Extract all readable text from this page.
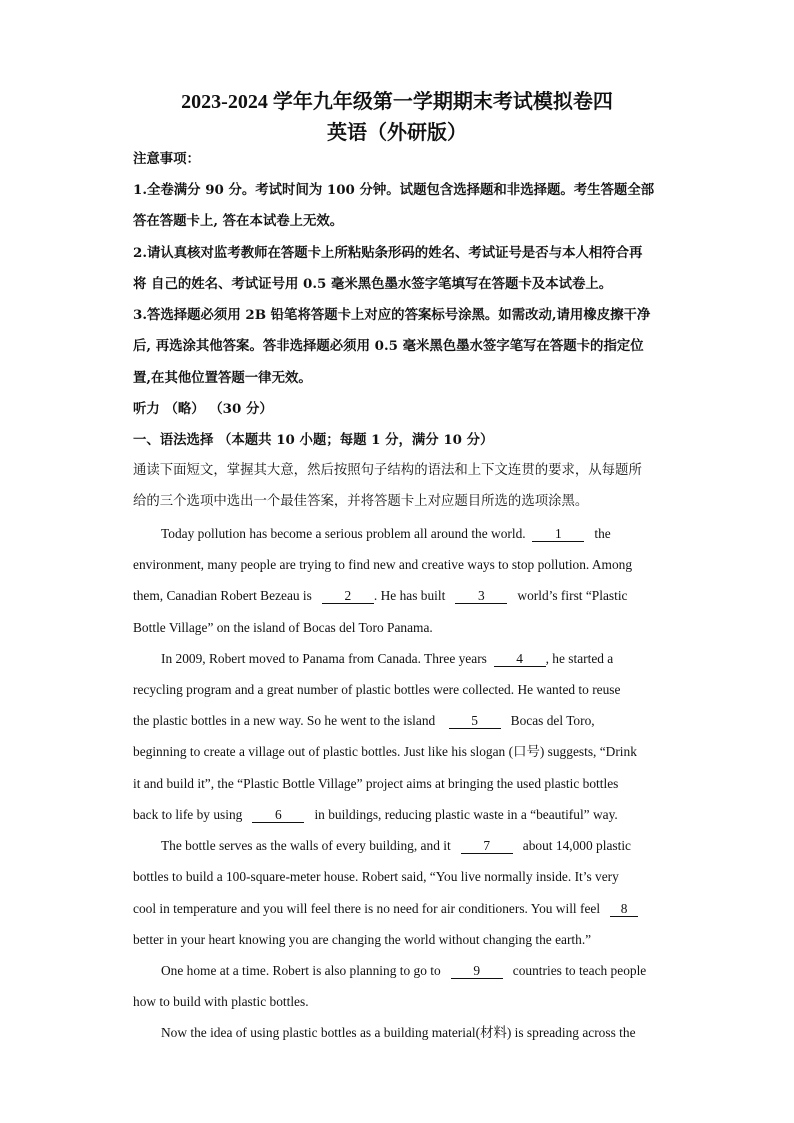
2023-2024 学年九年级第一学期期末考试模拟卷四
英语（外研版）
注意事项：
1.全卷满分 90 分。考试时间为 100 分钟。试题包含选择题和非选择题。考生答题全部
答在答题卡上, 答在本试卷上无效。
2.请认真核对监考教师在答题卡上所粘贴条形码的姓名、考试证号是否与本人相符合再
将 自己的姓名、考试证号用 0.5 毫米黑色墨水签字笔填写在答题卡及本试卷上。
3.答选择题必须用 2B 铅笔将答题卡上对应的答案标号涂黑。如需改动,请用橡皮擦干净
后, 再选涂其他答案。答非选择题必须用 0.5 毫米黑色墨水签字笔写在答题卡的指定位
置,在其他位置答题一律无效。
听力 （略） （30 分）
一、语法选择 （本题共 10 小题；每题 1 分，满分 10 分）
通读下面短文，掌握其大意，然后按照句子结构的语法和上下文连贯的要求，从每题所
给的三个选项中选出一个最佳答案，并将答题卡上对应题目所选的选项涂黑。
Today pollution has become a serious problem all around the world. 1 the
environment, many people are trying to find new and creative ways to stop pollution. Among
them, Canadian Robert Bezeau is 2 . He has built 3 world’s first “Plastic
Bottle Village” on the island of Bocas del Toro Panama.
In 2009, Robert moved to Panama from Canada. Three years 4 , he started a
recycling program and a great number of plastic bottles were collected. He wanted to reuse
the plastic bottles in a new way. So he went to the island	5 Bocas del Toro,
beginning to create a village out of plastic bottles. Just like his slogan (口号) suggests, “Drink
it and build it”, the “Plastic Bottle Village” project aims at bringing the used plastic bottles
back to life by using 6 in buildings, reducing plastic waste in a “beautiful” way.
The bottle serves as the walls of every building, and it 7 about 14,000 plastic
bottles to build a 100-square-meter house. Robert said, “You live normally inside. It’s very
cool in temperature and you will feel there is no need for air conditioners. You will feel 8
better in your heart knowing you are changing the world without changing the earth.”
One home at a time. Robert is also planning to go to 9 countries to teach people
how to build with plastic bottles.
Now the idea of using plastic bottles as a building material(材料) is spreading across the
